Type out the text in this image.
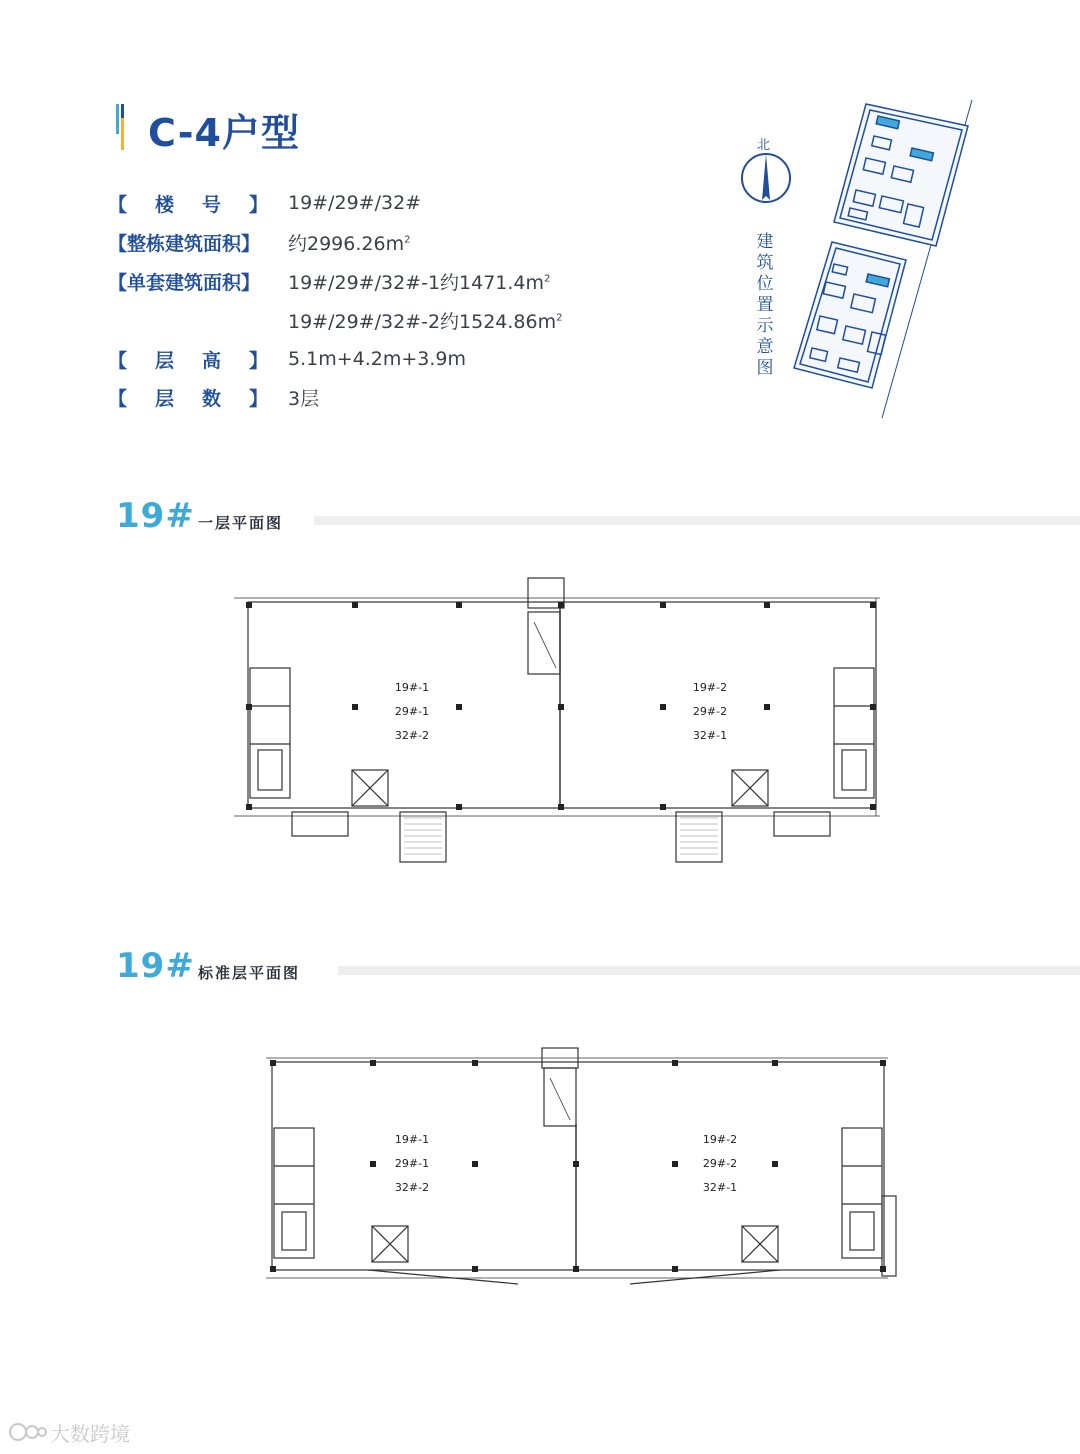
C-4户型
【 楼 号 】 19#/29#/32#
【整栋建筑面积】	约$2996.26m^2$
【单套建筑面积】	19#/29#/32#-1约$1471.4m^2$
19#/29#/32#-2约$1524.86m^2$
【 层 高 】 5.1m+4.2m+3.9m
【 层 数 】 3层
北
建筑位置示意图
19# 一层平面图
19#-1
29#-1
32#-2
19#-2
29#-2
32#-1
19# 标准层平面图
19#-1
29#-1
32#-2
19#-2
29#-2
32#-1
大数跨境
